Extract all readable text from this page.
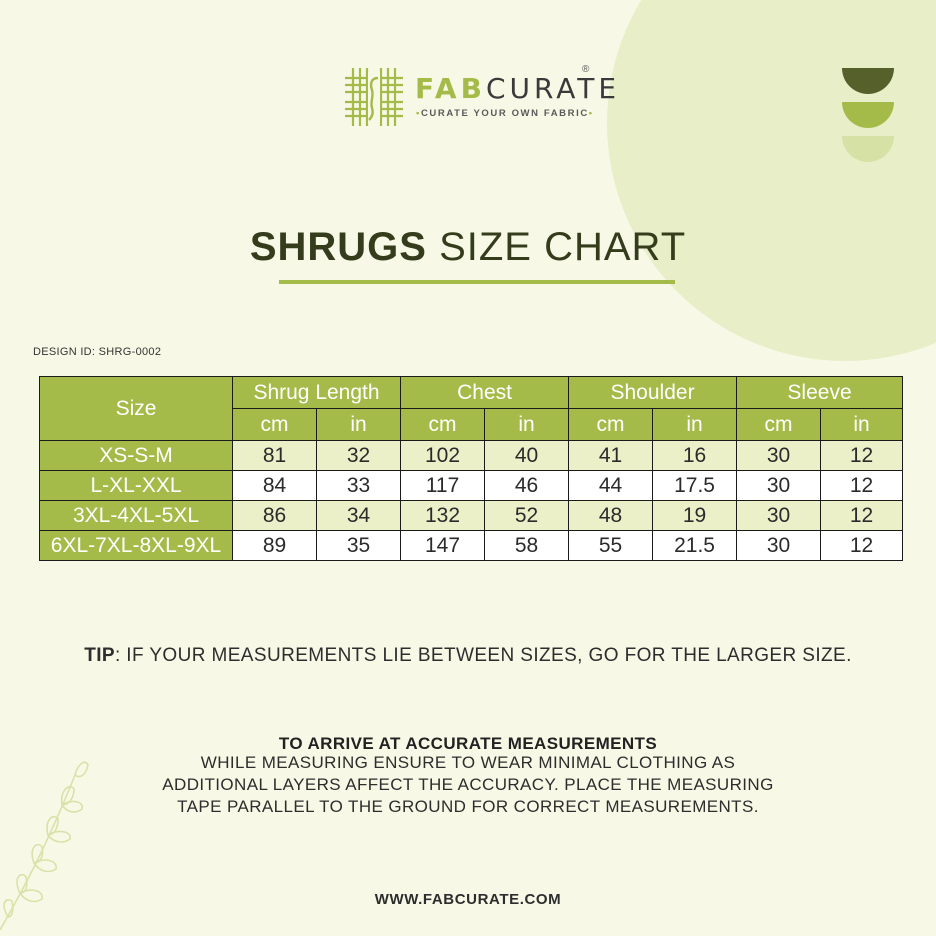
FABCURATE
®
•CURATE YOUR OWN FABRIC•
SHRUGS SIZE CHART
DESIGN ID: SHRG-0002
Size	Shrug Length		Chest		Shoulder		Sleeve	
	cm	in	cm	in	cm	in	cm	in
XS-S-M	81	32	102	40	41	16	30	12
L-XL-XXL	84	33	117	46	44	17.5	30	12
3XL-4XL-5XL	86	34	132	52	48	19	30	12
6XL-7XL-8XL-9XL	89	35	147	58	55	21.5	30	12
TIP: IF YOUR MEASUREMENTS LIE BETWEEN SIZES, GO FOR THE LARGER SIZE.
TO ARRIVE AT ACCURATE MEASUREMENTS
WHILE MEASURING ENSURE TO WEAR MINIMAL CLOTHING AS
ADDITIONAL LAYERS AFFECT THE ACCURACY. PLACE THE MEASURING
TAPE PARALLEL TO THE GROUND FOR CORRECT MEASUREMENTS.
WWW.FABCURATE.COM
